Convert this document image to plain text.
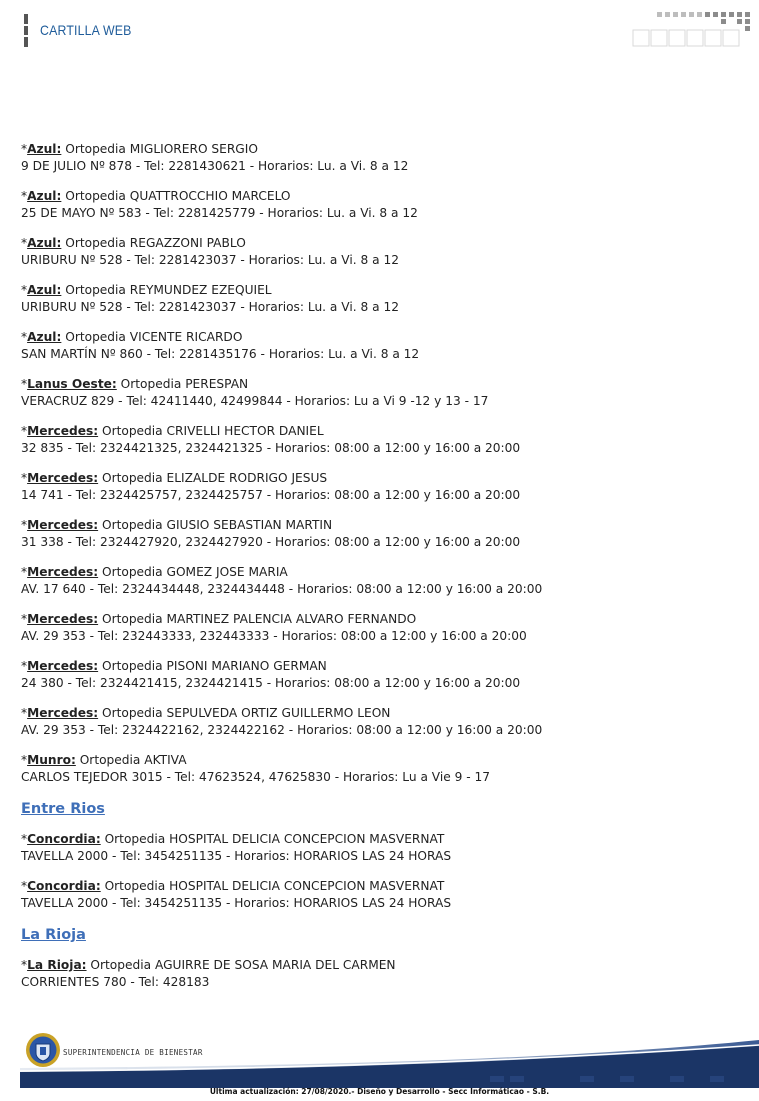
CARTILLA WEB
*Azul: Ortopedia MIGLIORERO SERGIO
9 DE JULIO Nº 878 - Tel: 2281430621 - Horarios: Lu. a Vi. 8 a 12
*Azul: Ortopedia QUATTROCCHIO MARCELO
25 DE MAYO Nº 583 - Tel: 2281425779 - Horarios: Lu. a Vi. 8 a 12
*Azul: Ortopedia REGAZZONI PABLO
URIBURU Nº 528 - Tel: 2281423037 - Horarios: Lu. a Vi. 8 a 12
*Azul: Ortopedia REYMUNDEZ EZEQUIEL
URIBURU Nº 528 - Tel: 2281423037 - Horarios: Lu. a Vi. 8 a 12
*Azul: Ortopedia VICENTE RICARDO
SAN MARTÍN Nº 860 - Tel: 2281435176 - Horarios: Lu. a Vi. 8 a 12
*Lanus Oeste: Ortopedia PERESPAN
VERACRUZ 829 - Tel: 42411440, 42499844 - Horarios: Lu a Vi 9 -12 y 13 - 17
*Mercedes: Ortopedia CRIVELLI HECTOR DANIEL
32 835 - Tel: 2324421325, 2324421325 - Horarios: 08:00 a 12:00 y 16:00 a 20:00
*Mercedes: Ortopedia ELIZALDE RODRIGO JESUS
14 741 - Tel: 2324425757, 2324425757 - Horarios: 08:00 a 12:00 y 16:00 a 20:00
*Mercedes: Ortopedia GIUSIO SEBASTIAN MARTIN
31 338 - Tel: 2324427920, 2324427920 - Horarios: 08:00 a 12:00 y 16:00 a 20:00
*Mercedes: Ortopedia GOMEZ JOSE MARIA
AV. 17 640 - Tel: 2324434448, 2324434448 - Horarios: 08:00 a 12:00 y 16:00 a 20:00
*Mercedes: Ortopedia MARTINEZ PALENCIA ALVARO FERNANDO
AV. 29 353 - Tel: 232443333, 232443333 - Horarios: 08:00 a 12:00 y 16:00 a 20:00
*Mercedes: Ortopedia PISONI MARIANO GERMAN
24 380 - Tel: 2324421415, 2324421415 - Horarios: 08:00 a 12:00 y 16:00 a 20:00
*Mercedes: Ortopedia SEPULVEDA ORTIZ GUILLERMO LEON
AV. 29 353 - Tel: 2324422162, 2324422162 - Horarios: 08:00 a 12:00 y 16:00 a 20:00
*Munro: Ortopedia AKTIVA
CARLOS TEJEDOR 3015 - Tel: 47623524, 47625830 - Horarios: Lu a Vie 9 - 17
Entre Rios
*Concordia: Ortopedia HOSPITAL DELICIA CONCEPCION MASVERNAT
TAVELLA 2000 - Tel: 3454251135 - Horarios: HORARIOS LAS 24 HORAS
*Concordia: Ortopedia HOSPITAL DELICIA CONCEPCION MASVERNAT
TAVELLA 2000 - Tel: 3454251135 - Horarios: HORARIOS LAS 24 HORAS
La Rioja
*La Rioja: Ortopedia AGUIRRE DE SOSA MARIA DEL CARMEN
CORRIENTES 780 - Tel: 428183
SUPERINTENDENCIA DE BIENESTAR
Ultima actualización: 27/08/2020.- Diseño y Desarrollo - Secc Informáticao - S.B.
